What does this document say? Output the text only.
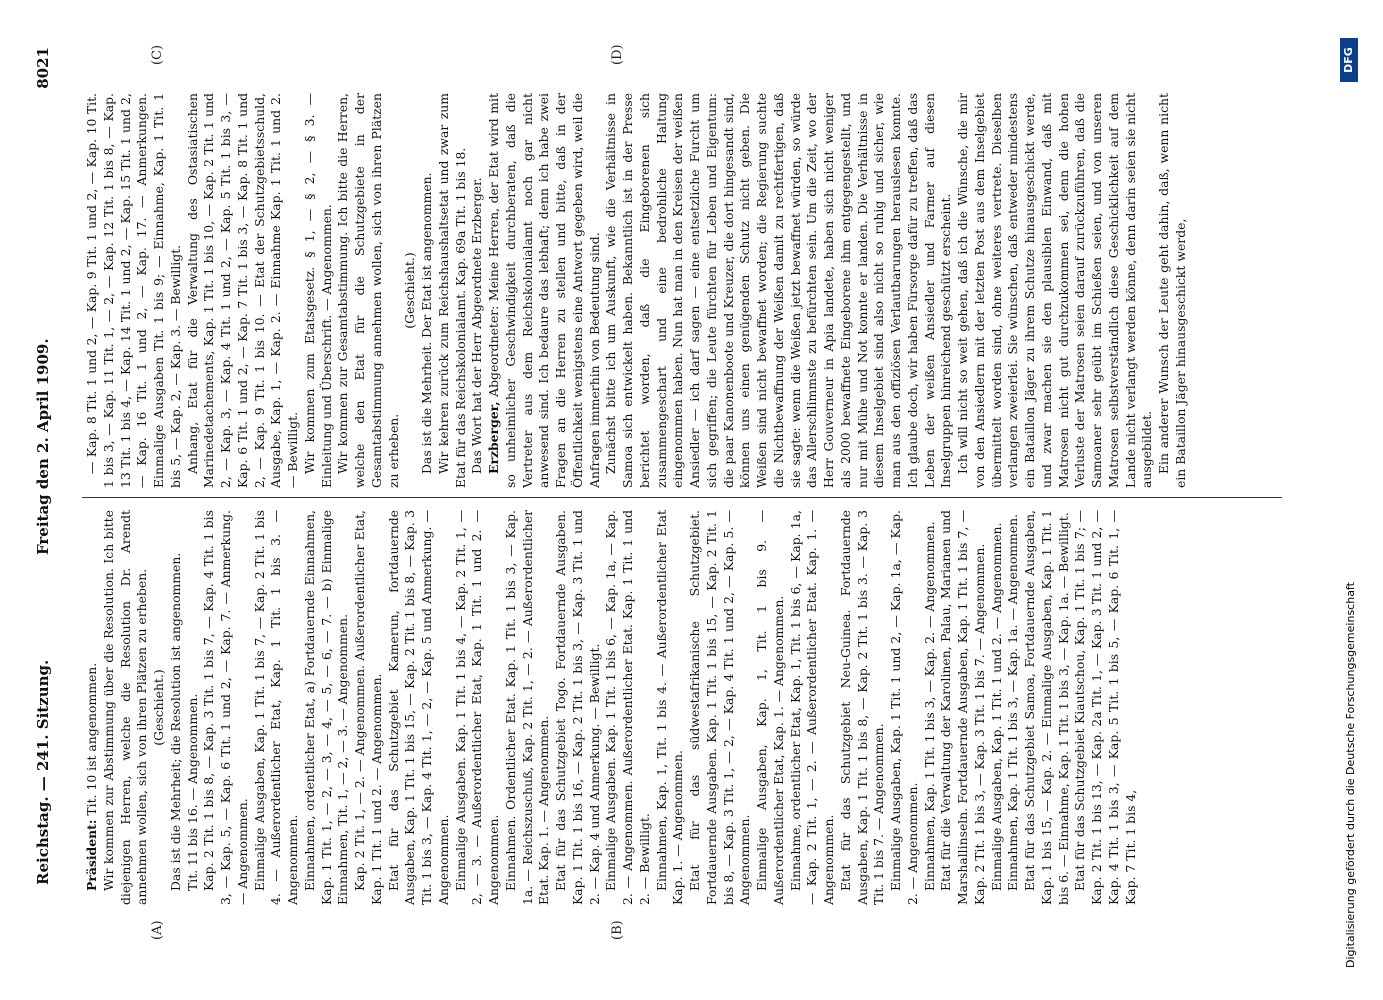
Reichstag. — 241. Sitzung.
Freitag den 2. April 1909.
8021
(A)	(B)
(C)	(D)

Präsident: Tit. 10 ist angenommen. Wir kommen zur Abstimmung über die Resolution. Ich bitte diejenigen Herren, welche die Resolution Dr. Arendt annehmen wollen, sich von ihren Plätzen zu erheben. (Geschieht.) Das ist die Mehrheit; die Resolution ist angenommen. Tit. 11 bis 16. — Angenommen. Kap. 2 Tit. 1 bis 8, — Kap. 3 Tit. 1 bis 7, — Kap. 4 Tit. 1 bis 3, — Kap. 5, — Kap. 6 Tit. 1 und 2, — Kap. 7. — Anmerkung. — Angenommen. Einmalige Ausgaben, Kap. 1 Tit. 1 bis 7, — Kap. 2 Tit. 1 bis 4. — Außerordentlicher Etat, Kap. 1 Tit. 1 bis 3. — Angenommen. Einnahmen, ordentlicher Etat, a) Fortdauernde Einnahmen, Kap. 1 Tit. 1, — 2, — 3, — 4, — 5, — 6, — 7. — b) Einmalige Einnahmen, Tit. 1, — 2, — 3. — Angenommen. Kap. 2 Tit. 1, — 2. — Angenommen. Außerordentlicher Etat, Kap. 1 Tit. 1 und 2. — Angenommen. Etat für das Schutzgebiet Kamerun, fortdauernde Ausgaben, Kap. 1 Tit. 1 bis 15, — Kap. 2 Tit. 1 bis 8, — Kap. 3 Tit. 1 bis 3, — Kap. 4 Tit. 1, — 2, — Kap. 5 und Anmerkung. — Angenommen. Einmalige Ausgaben. Kap. 1 Tit. 1 bis 4, — Kap. 2 Tit. 1, — 2, — 3. — Außerordentlicher Etat, Kap. 1 Tit. 1 und 2. — Angenommen. Einnahmen. Ordentlicher Etat. Kap. 1 Tit. 1 bis 3, — Kap. 1a. — Reichszuschuß, Kap. 2 Tit. 1, — 2. — Außerordentlicher Etat. Kap. 1. — Angenommen. Etat für das Schutzgebiet Togo. Fortdauernde Ausgaben. Kap. 1 Tit. 1 bis 16, — Kap. 2 Tit. 1 bis 3, — Kap. 3 Tit. 1 und 2. — Kap. 4 und Anmerkung. — Bewilligt. Einmalige Ausgaben. Kap. 1 Tit. 1 bis 6, — Kap. 1a, — Kap. 2. — Angenommen. Außerordentlicher Etat. Kap. 1 Tit. 1 und 2. — Bewilligt. Einnahmen, Kap. 1, Tit. 1 bis 4. — Außerordentlicher Etat Kap. 1. — Angenommen. Etat für das südwestafrikanische Schutzgebiet. Fortdauernde Ausgaben. Kap. 1 Tit. 1 bis 15, — Kap. 2 Tit. 1 bis 8, — Kap. 3 Tit. 1, — 2, — Kap. 4 Tit. 1 und 2, — Kap. 5. — Angenommen. Einmalige Ausgaben, Kap. 1, Tit. 1 bis 9. — Außerordentlicher Etat, Kap. 1. — Angenommen. Einnahme, ordentlicher Etat, Kap. 1, Tit. 1 bis 6, — Kap. 1a, — Kap. 2 Tit. 1, — 2. — Außerordentlicher Etat. Kap. 1. — Angenommen. Etat für das Schutzgebiet Neu-Guinea. Fortdauernde Ausgaben, Kap. 1 Tit. 1 bis 8, — Kap. 2 Tit. 1 bis 3. — Kap. 3 Tit. 1 bis 7. — Angenommen. Einmalige Ausgaben, Kap. 1 Tit. 1 und 2, — Kap. 1a, — Kap. 2. — Angenommen. Einnahmen, Kap. 1 Tit. 1 bis 3, — Kap. 2. — Angenommen. Etat für die Verwaltung der Karolinen, Palau, Marianen und Marshallinseln. Fortdauernde Ausgaben, Kap. 1 Tit. 1 bis 7, — Kap. 2 Tit. 1 bis 3, — Kap. 3 Tit. 1 bis 7. — Angenommen. Einmalige Ausgaben, Kap. 1 Tit. 1 und 2. — Angenommen. Einnahmen, Kap. 1 Tit. 1 bis 3, — Kap. 1a. — Angenommen. Etat für das Schutzgebiet Samoa, Fortdauernde Ausgaben, Kap. 1 bis 15, — Kap. 2. — Einmalige Ausgaben, Kap. 1 Tit. 1 bis 6. — Einnahme, Kap. 1 Tit. 1 bis 3, — Kap. 1a. — Bewilligt. Etat für das Schutzgebiet Kiautschou, Kap. 1 Tit. 1 bis 7; — Kap. 2 Tit. 1 bis 13, — Kap. 2a Tit. 1, — Kap. 3 Tit. 1 und 2, — Kap. 4 Tit. 1 bis 3, — Kap. 5 Tit. 1 bis 5, — Kap. 6 Tit. 1, — Kap. 7 Tit. 1 bis 4,

— Kap. 8 Tit. 1 und 2, — Kap. 9 Tit. 1 und 2, — Kap. 10 Tit. 1 bis 3, — Kap. 11 Tit. 1, — 2, — Kap. 12 Tit. 1 bis 8, — Kap. 13 Tit. 1 bis 4, — Kap. 14 Tit. 1 und 2, — Kap. 15 Tit. 1 und 2, — Kap. 16 Tit. 1 und 2, — Kap. 17. — Anmerkungen. Einmalige Ausgaben Tit. 1 bis 9; — Einnahme, Kap. 1 Tit. 1 bis 5, — Kap. 2, — Kap. 3. — Bewilligt. Anhang, Etat für die Verwaltung des Ostasiatischen Marinedetachements, Kap. 1 Tit. 1 bis 10, — Kap. 2 Tit. 1 und 2, — Kap. 3, — Kap. 4 Tit. 1 und 2, — Kap. 5 Tit. 1 bis 3, — Kap. 6 Tit. 1 und 2, — Kap. 7 Tit. 1 bis 3, — Kap. 8 Tit. 1 und 2, — Kap. 9 Tit. 1 bis 10. — Etat der Schutzgebietsschuld, Ausgabe, Kap. 1, — Kap. 2. — Einnahme Kap. 1 Tit. 1 und 2. — Bewilligt. Wir kommen zum Etatsgesetz. § 1, — § 2, — § 3. — Einleitung und Überschrift. — Angenommen. Wir kommen zur Gesamtabstimmung. Ich bitte die Herren, welche den Etat für die Schutzgebiete in der Gesamtabstimmung annehmen wollen, sich von ihren Plätzen zu erheben.

(Geschieht.) Das ist die Mehrheit. Der Etat ist angenommen. Wir kehren zurück zum Reichshaushaltsetat und zwar zum Etat für das Reichskolonialamt. Kap. 69a Tit. 1 bis 18. Das Wort hat der Herr Abgeordnete Erzberger. Erzberger, Abgeordneter: Meine Herren, der Etat wird mit so unheimlicher Geschwindigkeit durchberaten, daß die Vertreter aus dem Reichskolonialamt noch gar nicht anwesend sind. Ich bedaure das lebhaft; denn ich habe zwei Fragen an die Herren zu stellen und bitte, daß in der Öffentlichkeit wenigstens eine Antwort gegeben wird, weil die Anfragen immerhin von Bedeutung sind. Zunächst bitte ich um Auskunft, wie die Verhältnisse in Samoa sich entwickelt haben. Bekanntlich ist in der Presse berichtet worden, daß die Eingeborenen sich zusammengeschart und eine bedrohliche Haltung eingenommen haben. Nun hat man in den Kreisen der weißen Ansiedler — ich darf sagen — eine entsetzliche Furcht um sich gegriffen; die Leute fürchten für Leben und Eigentum: die paar Kanonenboote und Kreuzer, die dort hingesandt sind, können uns einen genügenden Schutz nicht geben. Die Weißen sind nicht bewaffnet worden; die Regierung suchte die Nichtbewaffnung der Weißen damit zu rechtfertigen, daß sie sagte: wenn die Weißen jetzt bewaffnet würden, so würde das Allerschlimmste zu befürchten sein. Um die Zeit, wo der Herr Gouverneur in Apia landete, haben sich nicht weniger als 2000 bewaffnete Eingeborene ihm entgegengestellt, und nur mit Mühe und Not konnte er landen. Die Verhältnisse in diesem Inselgebiet sind also nicht so ruhig und sicher, wie man aus den offiziösen Verlautbarungen herauslesen konnte. Ich glaube doch, wir haben Fürsorge dafür zu treffen, daß das Leben der weißen Ansiedler und Farmer auf diesen Inselgruppen hinreichend geschützt erscheint. Ich will nicht so weit gehen, daß ich die Wünsche, die mir von den Ansiedlern mit der letzten Post aus dem Inselgebiet übermittelt worden sind, ohne weiteres vertrete. Dieselben verlangen zweierlei. Sie wünschen, daß entweder mindestens ein Bataillon Jäger zu ihrem Schutze hinausgeschickt werde, und zwar machen sie den plausiblen Einwand, daß mit Matrosen nicht gut durchzukommen sei, denn die hohen Verluste der Matrosen seien darauf zurückzuführen, daß die Samoaner sehr geübt im Schießen seien, und von unseren Matrosen selbstverständlich diese Geschicklichkeit auf dem Lande nicht verlangt werden könne, denn darin seien sie nicht ausgebildet. Ein anderer Wunsch der Leute geht dahin, daß, wenn nicht ein Bataillon Jäger hinausgeschickt werde,

Digitalisierung gefördert durch die Deutsche Forschungsgemeinschaft
DFG
